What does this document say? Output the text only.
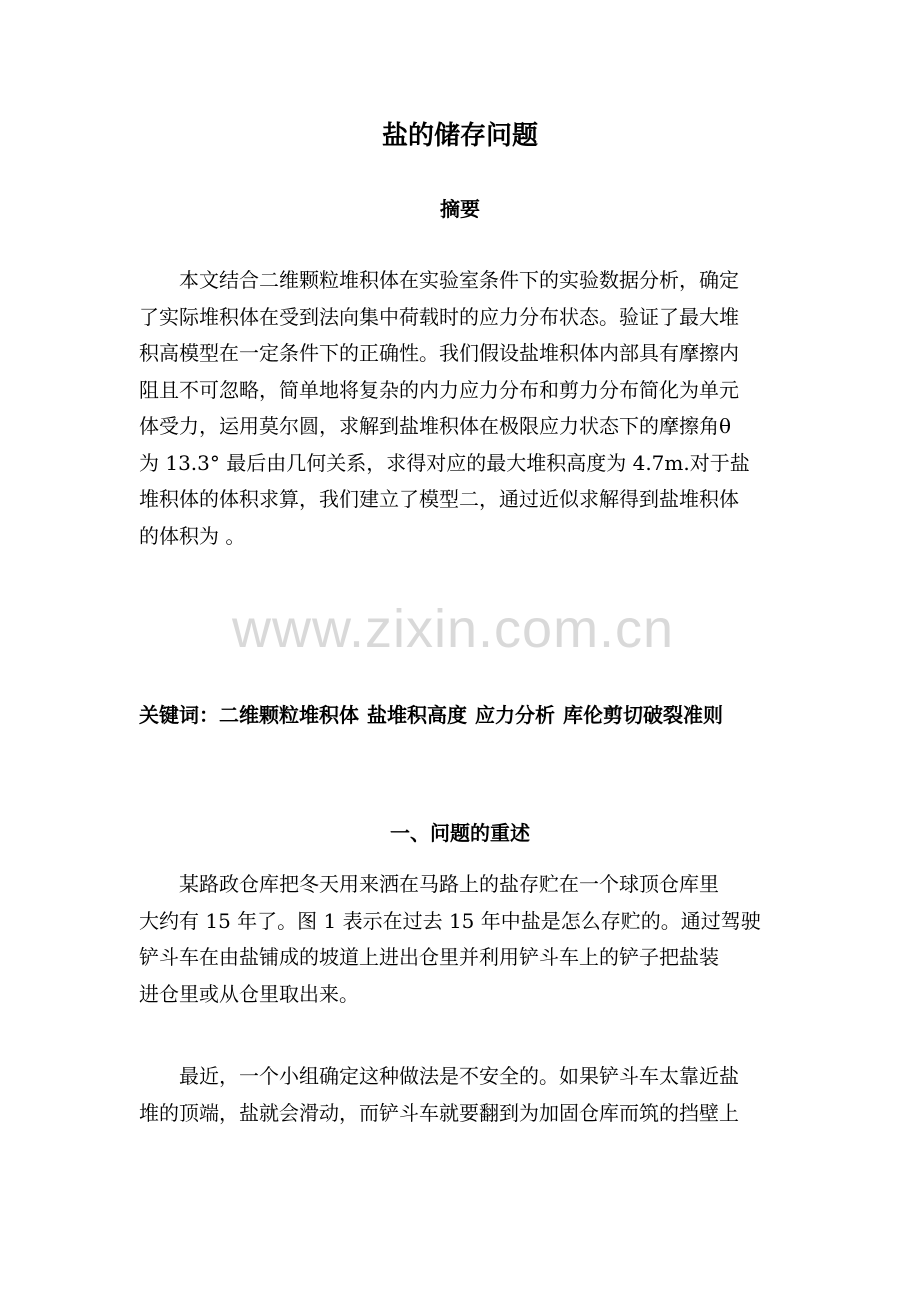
盐的储存问题
摘要
本文结合二维颗粒堆积体在实验室条件下的实验数据分析，确定
了实际堆积体在受到法向集中荷载时的应力分布状态。验证了最大堆
积高模型在一定条件下的正确性。我们假设盐堆积体内部具有摩擦内
阻且不可忽略，简单地将复杂的内力应力分布和剪力分布简化为单元
体受力，运用莫尔圆，求解到盐堆积体在极限应力状态下的摩擦角θ
为 13.3° 最后由几何关系，求得对应的最大堆积高度为 4.7m.对于盐
堆积体的体积求算，我们建立了模型二，通过近似求解得到盐堆积体
的体积为 。
www.zixin.com.cn
关键词：二维颗粒堆积体 盐堆积高度 应力分析 库伦剪切破裂准则
一、问题的重述
某路政仓库把冬天用来洒在马路上的盐存贮在一个球顶仓库里
大约有 15 年了。图 1 表示在过去 15 年中盐是怎么存贮的。通过驾驶
铲斗车在由盐铺成的坡道上进出仓里并利用铲斗车上的铲子把盐装
进仓里或从仓里取出来。
最近，一个小组确定这种做法是不安全的。如果铲斗车太靠近盐
堆的顶端，盐就会滑动，而铲斗车就要翻到为加固仓库而筑的挡壁上
